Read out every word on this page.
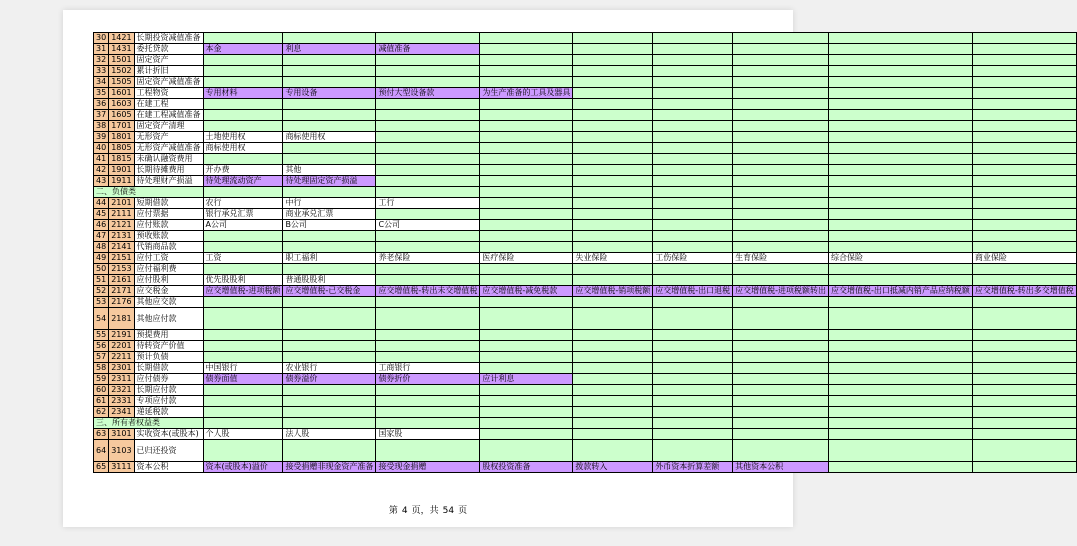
30	1421	长期投资减值准备									
31	1431	委托贷款	本金	利息	减值准备						
32	1501	固定资产									
33	1502	累计折旧									
34	1505	固定资产减值准备									
35	1601	工程物资	专用材料	专用设备	预付大型设备款	为生产准备的工具及器具					
36	1603	在建工程									
37	1605	在建工程减值准备									
38	1701	固定资产清理									
39	1801	无形资产	土地使用权	商标使用权							
40	1805	无形资产减值准备	商标使用权								
41	1815	未确认融资费用									
42	1901	长期待摊费用	开办费	其他							
43	1911	待处理财产损溢	待处理流动资产	待处理固定资产损溢							
二、负债类											
44	2101	短期借款	农行	中行	工行						
45	2111	应付票据	银行承兑汇票	商业承兑汇票							
46	2121	应付账款	A公司	B公司	C公司						
47	2131	预收账款									
48	2141	代销商品款									
49	2151	应付工资	工资	职工福利	养老保险	医疗保险	失业保险	工伤保险	生育保险	综合保险	商业保险
50	2153	应付福利费									
51	2161	应付股利	优先股股利	普通股股利							
52	2171	应交税金	应交增值税-进项税额	应交增值税-已交税金	应交增值税-转出未交增值税	应交增值税-减免税款	应交增值税-销项税额	应交增值税-出口退税	应交增值税-进项税额转出	应交增值税-出口抵减内销产品应纳税额	应交增值税-转出多交增值税
53	2176	其他应交款									
54	2181	其他应付款									
55	2191	预提费用									
56	2201	待转资产价值									
57	2211	预计负债									
58	2301	长期借款	中国银行	农业银行	工商银行						
59	2311	应付债券	债券面值	债券溢价	债券折价	应计利息					
60	2321	长期应付款									
61	2331	专项应付款									
62	2341	递延税款									
三、所有者权益类											
63	3101	实收资本(或股本)	个人股	法人股	国家股						
64	3103	已归还投资									
65	3111	资本公积	资本(或股本)溢价	接受捐赠非现金资产准备	接受现金捐赠	股权投资准备	拨款转入	外币资本折算差额	其他资本公积		
第 4 页，共 54 页
